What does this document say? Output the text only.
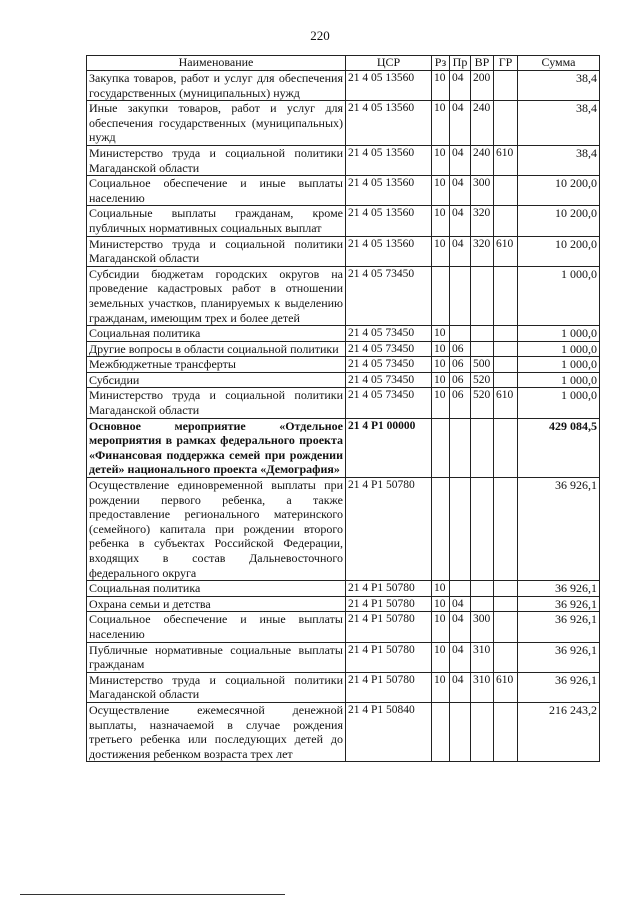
220
Наименование	ЦСР	Рз	Пр	ВР	ГР	Сумма
Закупка товаров, работ и услуг для обеспечения государственных (муниципальных) нужд	21 4 05 13560	10	04	200		38,4
Иные закупки товаров, работ и услуг для обеспечения государственных (муниципальных) нужд	21 4 05 13560	10	04	240		38,4
Министерство труда и социальной политики Магаданской области	21 4 05 13560	10	04	240	610	38,4
Социальное обеспечение и иные выплаты населению	21 4 05 13560	10	04	300		10 200,0
Социальные выплаты гражданам, кроме публичных нормативных социальных выплат	21 4 05 13560	10	04	320		10 200,0
Министерство труда и социальной политики Магаданской области	21 4 05 13560	10	04	320	610	10 200,0
Субсидии бюджетам городских округов на проведение кадастровых работ в отношении земельных участков, планируемых к выделению гражданам, имеющим трех и более детей	21 4 05 73450					1 000,0
Социальная политика	21 4 05 73450	10				1 000,0
Другие вопросы в области социальной политики	21 4 05 73450	10	06			1 000,0
Межбюджетные трансферты	21 4 05 73450	10	06	500		1 000,0
Субсидии	21 4 05 73450	10	06	520		1 000,0
Министерство труда и социальной политики Магаданской области	21 4 05 73450	10	06	520	610	1 000,0
Основное мероприятие «Отдельное мероприятия в рамках федерального проекта «Финансовая поддержка семей при рождении детей» национального проекта «Демография»	21 4 P1 00000					429 084,5
Осуществление единовременной выплаты при рождении первого ребенка, а также предоставление регионального материнского (семейного) капитала при рождении второго ребенка в субъектах Российской Федерации, входящих в состав Дальневосточного федерального округа	21 4 P1 50780					36 926,1
Социальная политика	21 4 P1 50780	10				36 926,1
Охрана семьи и детства	21 4 P1 50780	10	04			36 926,1
Социальное обеспечение и иные выплаты населению	21 4 P1 50780	10	04	300		36 926,1
Публичные нормативные социальные выплаты гражданам	21 4 P1 50780	10	04	310		36 926,1
Министерство труда и социальной политики Магаданской области	21 4 P1 50780	10	04	310	610	36 926,1
Осуществление ежемесячной денежной выплаты, назначаемой в случае рождения третьего ребенка или последующих детей до достижения ребенком возраста трех лет	21 4 P1 50840					216 243,2
